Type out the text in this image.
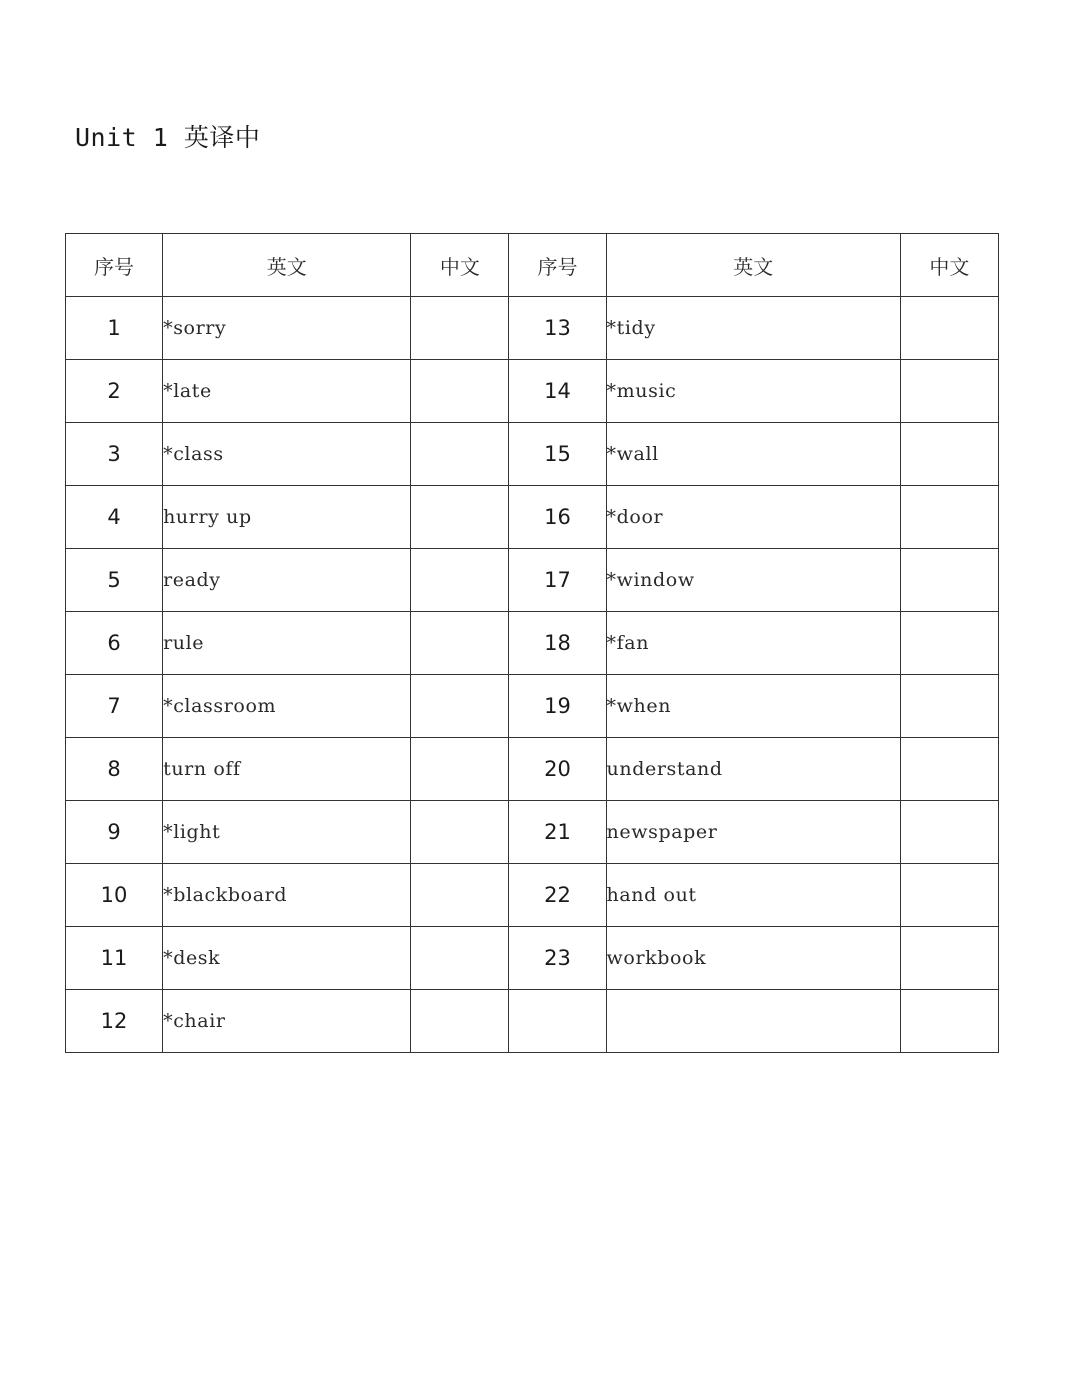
Unit 1 英译中
序号	英文	中文	序号	英文	中文
1	*sorry		13	*tidy	
2	*late		14	*music	
3	*class		15	*wall	
4	hurry up		16	*door	
5	ready		17	*window	
6	rule		18	*fan	
7	*classroom		19	*when	
8	turn off		20	understand	
9	*light		21	newspaper	
10	*blackboard		22	hand out	
11	*desk		23	workbook	
12	*chair				
